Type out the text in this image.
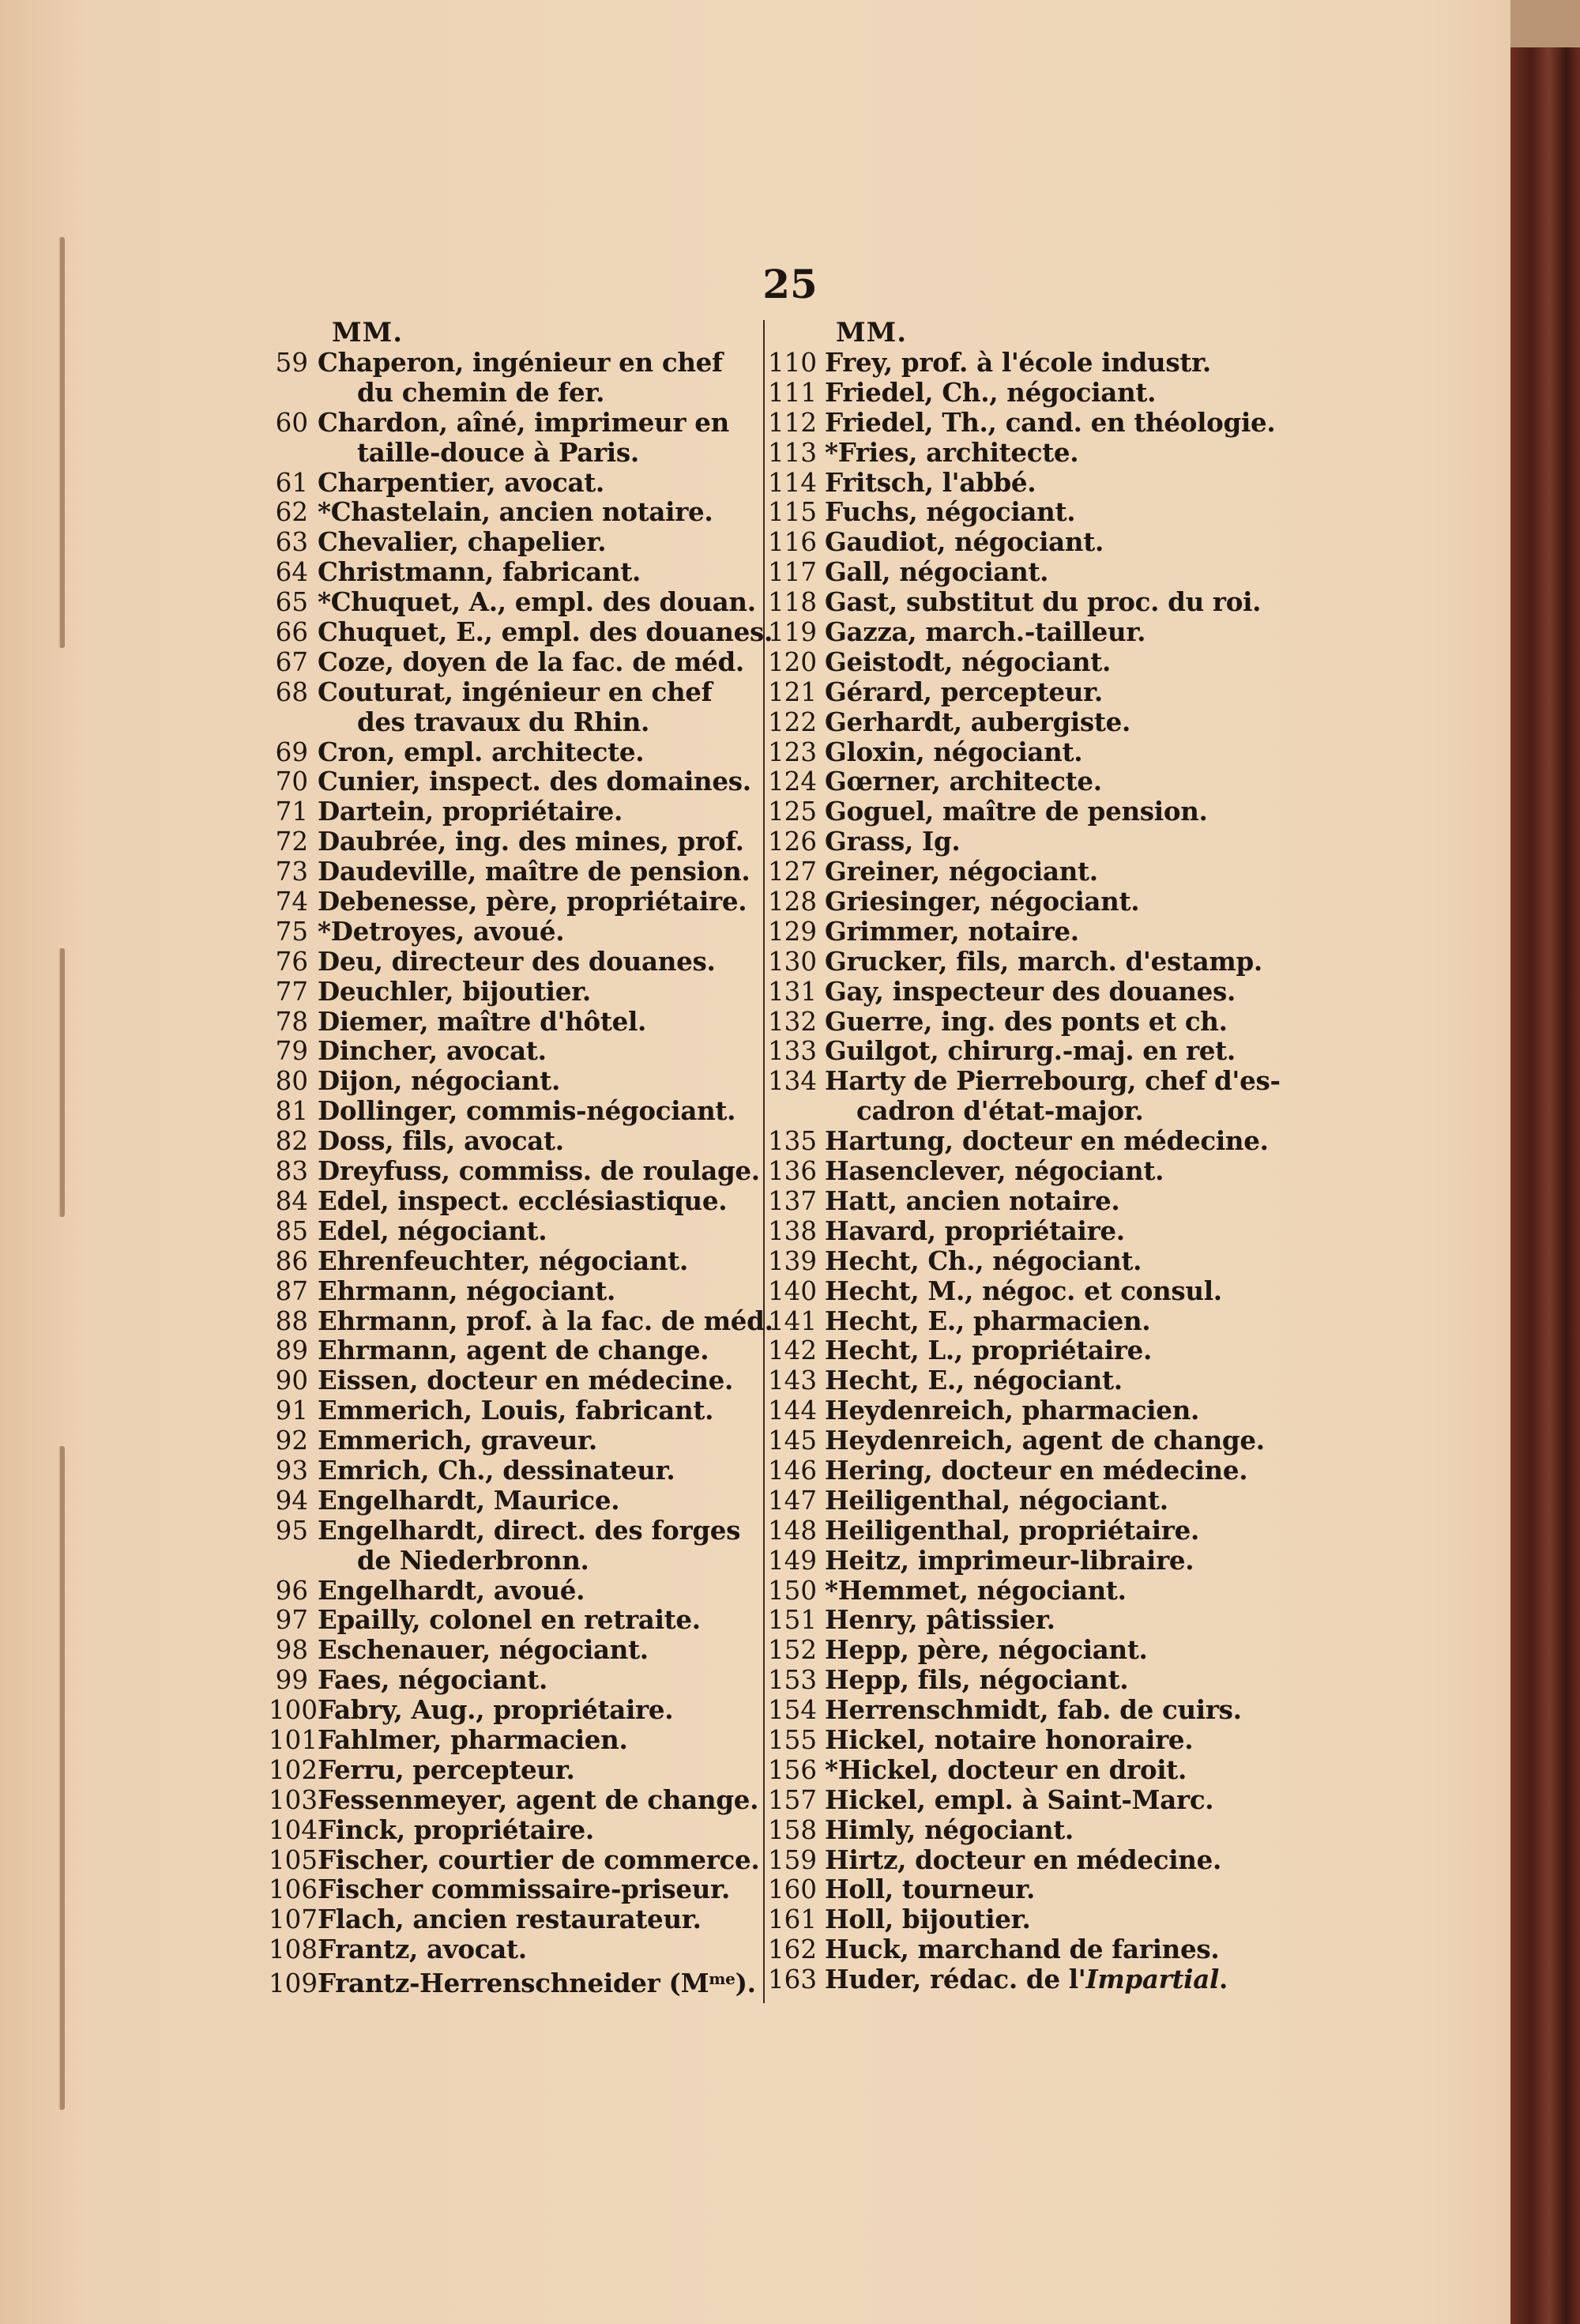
25
MM.
59 Chaperon, ingénieur en chef
du chemin de fer.
60 Chardon, aîné, imprimeur en
taille-douce à Paris.
61 Charpentier, avocat.
62 *Chastelain, ancien notaire.
63 Chevalier, chapelier.
64 Christmann, fabricant.
65 *Chuquet, A., empl. des douan.
66 Chuquet, E., empl. des douanes.
67 Coze, doyen de la fac. de méd.
68 Couturat, ingénieur en chef
des travaux du Rhin.
69 Cron, empl. architecte.
70 Cunier, inspect. des domaines.
71 Dartein, propriétaire.
72 Daubrée, ing. des mines, prof.
73 Daudeville, maître de pension.
74 Debenesse, père, propriétaire.
75 *Detroyes, avoué.
76 Deu, directeur des douanes.
77 Deuchler, bijoutier.
78 Diemer, maître d'hôtel.
79 Dincher, avocat.
80 Dijon, négociant.
81 Dollinger, commis-négociant.
82 Doss, fils, avocat.
83 Dreyfuss, commiss. de roulage.
84 Edel, inspect. ecclésiastique.
85 Edel, négociant.
86 Ehrenfeuchter, négociant.
87 Ehrmann, négociant.
88 Ehrmann, prof. à la fac. de méd.
89 Ehrmann, agent de change.
90 Eissen, docteur en médecine.
91 Emmerich, Louis, fabricant.
92 Emmerich, graveur.
93 Emrich, Ch., dessinateur.
94 Engelhardt, Maurice.
95 Engelhardt, direct. des forges
de Niederbronn.
96 Engelhardt, avoué.
97 Epailly, colonel en retraite.
98 Eschenauer, négociant.
99 Faes, négociant.
100Fabry, Aug., propriétaire.
101Fahlmer, pharmacien.
102Ferru, percepteur.
103Fessenmeyer, agent de change.
104Finck, propriétaire.
105Fischer, courtier de commerce.
106Fischer commissaire-priseur.
107Flach, ancien restaurateur.
108Frantz, avocat.
109Frantz-Herrenschneider $(M^{me})$.
MM.
110 Frey, prof. à l'école industr.
111 Friedel, Ch., négociant.
112 Friedel, Th., cand. en théologie.
113 *Fries, architecte.
114 Fritsch, l'abbé.
115 Fuchs, négociant.
116 Gaudiot, négociant.
117 Gall, négociant.
118 Gast, substitut du proc. du roi.
119 Gazza, march.-tailleur.
120 Geistodt, négociant.
121 Gérard, percepteur.
122 Gerhardt, aubergiste.
123 Gloxin, négociant.
124 Gœrner, architecte.
125 Goguel, maître de pension.
126 Grass, Ig.
127 Greiner, négociant.
128 Griesinger, négociant.
129 Grimmer, notaire.
130 Grucker, fils, march. d'estamp.
131 Gay, inspecteur des douanes.
132 Guerre, ing. des ponts et ch.
133 Guilgot, chirurg.-maj. en ret.
134 Harty de Pierrebourg, chef d'es-
cadron d'état-major.
135 Hartung, docteur en médecine.
136 Hasenclever, négociant.
137 Hatt, ancien notaire.
138 Havard, propriétaire.
139 Hecht, Ch., négociant.
140 Hecht, M., négoc. et consul.
141 Hecht, E., pharmacien.
142 Hecht, L., propriétaire.
143 Hecht, E., négociant.
144 Heydenreich, pharmacien.
145 Heydenreich, agent de change.
146 Hering, docteur en médecine.
147 Heiligenthal, négociant.
148 Heiligenthal, propriétaire.
149 Heitz, imprimeur-libraire.
150 *Hemmet, négociant.
151 Henry, pâtissier.
152 Hepp, père, négociant.
153 Hepp, fils, négociant.
154 Herrenschmidt, fab. de cuirs.
155 Hickel, notaire honoraire.
156 *Hickel, docteur en droit.
157 Hickel, empl. à Saint-Marc.
158 Himly, négociant.
159 Hirtz, docteur en médecine.
160 Holl, tourneur.
161 Holl, bijoutier.
162 Huck, marchand de farines.
163 Huder, rédac. de l'Impartial.
